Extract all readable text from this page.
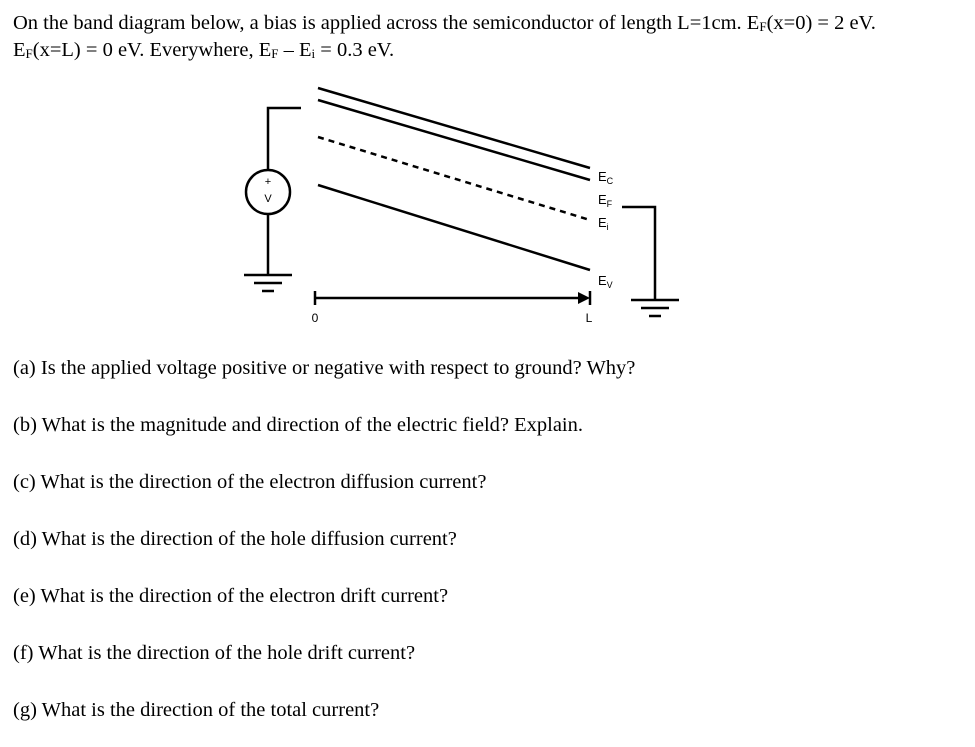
On the band diagram below, a bias is applied across the semiconductor of length L=1cm. $E_F(x=0) = 2$ eV.
$E_F(x=L) = 0$ eV. Everywhere, $E_F - E_i = 0.3$ eV.
+
V
$E_C$
$E_F$
$E_i$
$E_V$
0	L
(a) Is the applied voltage positive or negative with respect to ground? Why?
(b) What is the magnitude and direction of the electric field? Explain.
(c) What is the direction of the electron diffusion current?
(d) What is the direction of the hole diffusion current?
(e) What is the direction of the electron drift current?
(f) What is the direction of the hole drift current?
(g) What is the direction of the total current?
